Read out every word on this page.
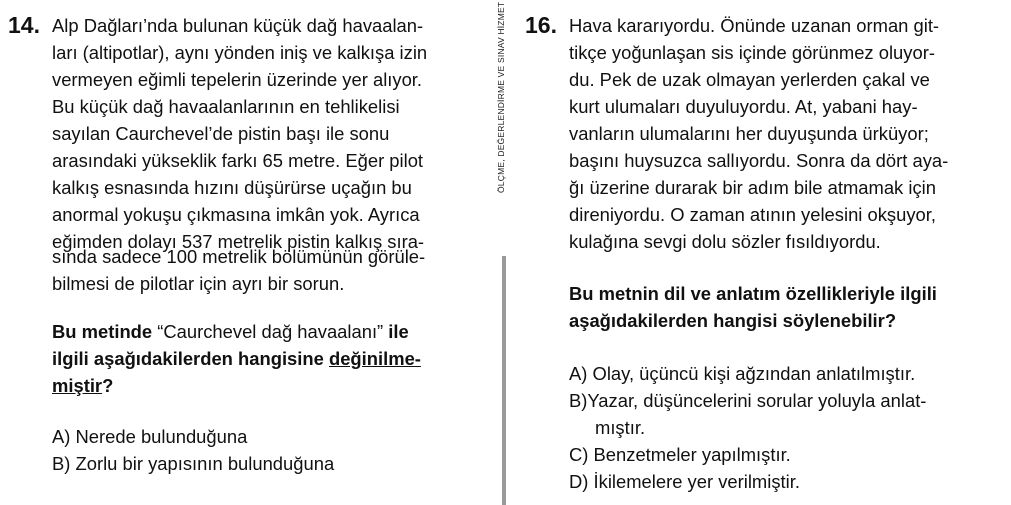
14. Alp Dağları’nda bulunan küçük dağ havaalan-
ları (altipotlar), aynı yönden iniş ve kalkışa izin
vermeyen eğimli tepelerin üzerinde yer alıyor.
Bu küçük dağ havaalanlarının en tehlikelisi
sayılan Caurchevel’de pistin başı ile sonu
arasındaki yükseklik farkı 65 metre. Eğer pilot
kalkış esnasında hızını düşürürse uçağın bu
anormal yokuşu çıkmasına imkân yok. Ayrıca
eğimden dolayı 537 metrelik pistin kalkış sıra-

sında sadece 100 metrelik bölümünün görüle-
bilmesi de pilotlar için ayrı bir sorun.

Bu metinde “Caurchevel dağ havaalanı” ile
ilgili aşağıdakilerden hangisine değinilme-
miştir?

A)
Nerede bulunduğuna
B)
Zorlu bir yapısının bulunduğuna
ÖLÇME, DEĞERLENDİRME VE SINAV HİZMET 16. Hava kararıyordu. Önünde uzanan orman git-
tikçe yoğunlaşan sis içinde görünmez oluyor-
du. Pek de uzak olmayan yerlerden çakal ve
kurt ulumaları duyuluyordu. At, yabani hay-
vanların ulumalarını her duyuşunda ürküyor;
başını huysuzca sallıyordu. Sonra da dört aya-
ğı üzerine durarak bir adım bile atmamak için
direniyordu. O zaman atının yelesini okşuyor,
kulağına sevgi dolu sözler fısıldıyordu.

Bu metnin dil ve anlatım özellikleriyle ilgili
aşağıdakilerden hangisi söylenebilir?

A)
Olay, üçüncü kişi ağzından anlatılmıştır.
B) Yazar, düşüncelerini sorular yoluyla anlat-
mıştır.
C)
Benzetmeler yapılmıştır.
D)
İkilemelere yer verilmiştir.
